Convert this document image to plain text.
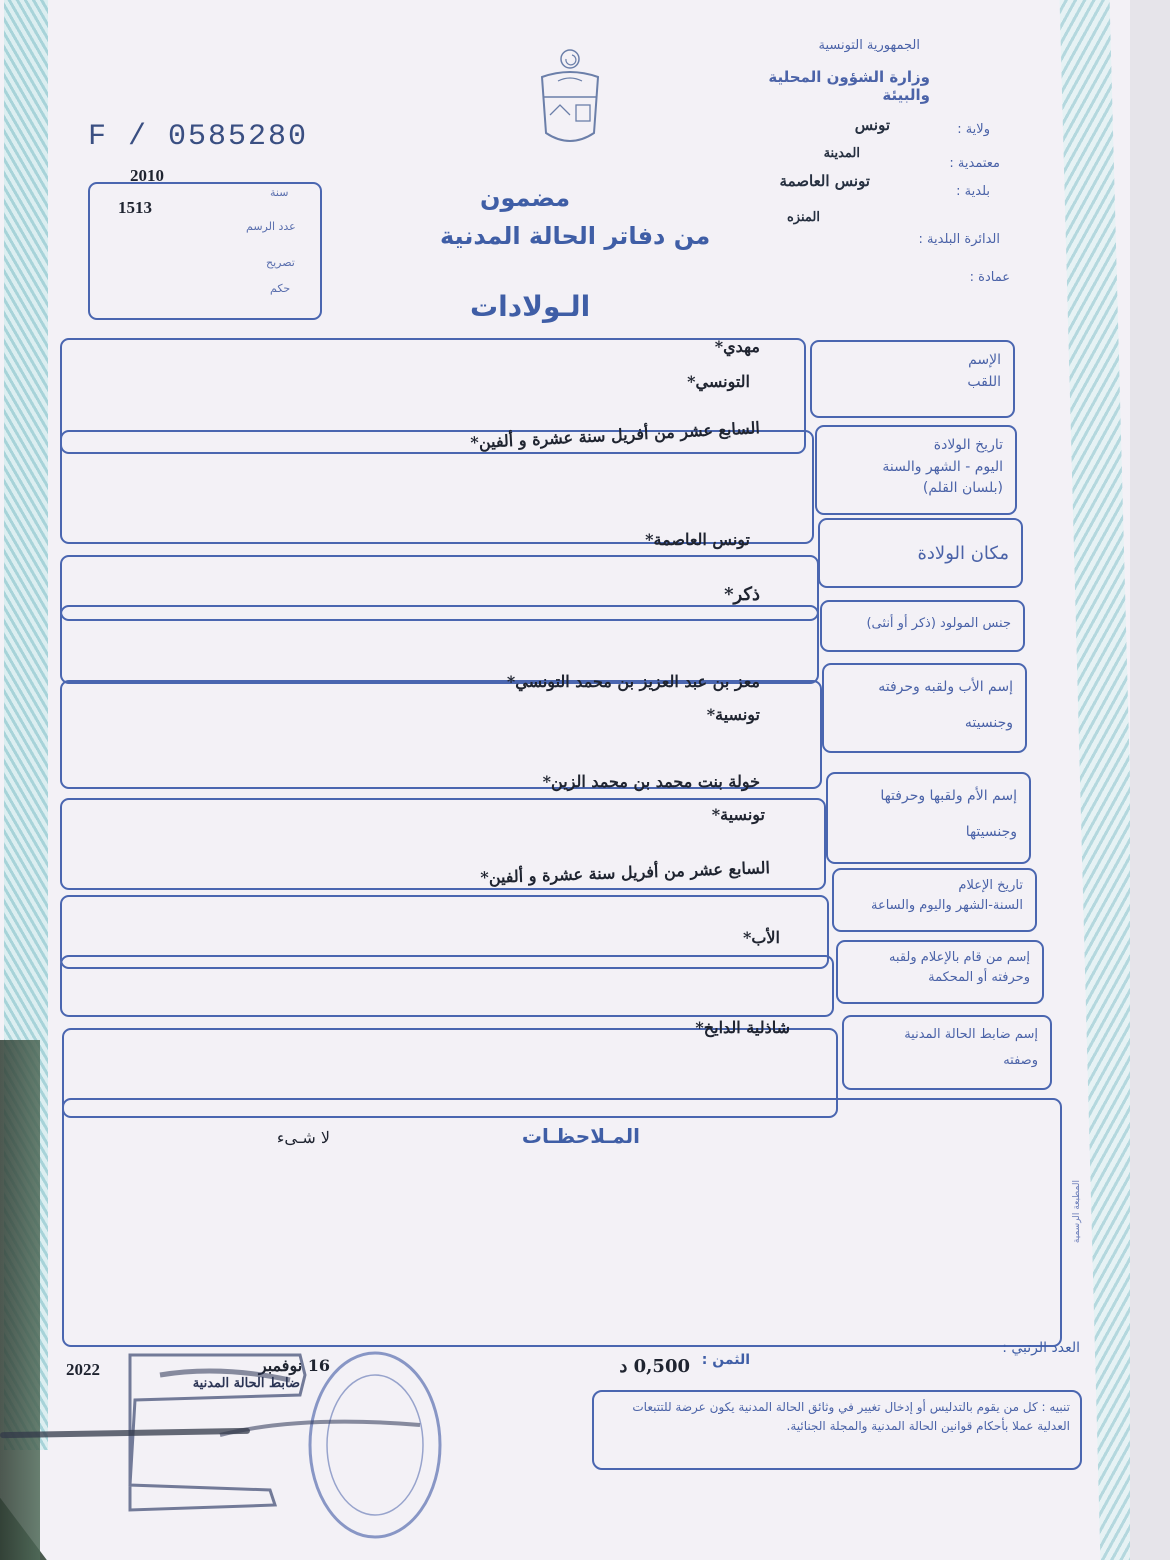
F / 0585280
2010
1513
سنة
عدد الرسم
تصريح
حكم
الجمهورية التونسية
وزارة الشؤون المحلية والبيئة
ولاية :
تونس
معتمدية :
المدينة
بلدية :
تونس العاصمة
الدائرة البلدية :
المنزه
عمادة :
مضمون
من دفاتر الحالة المدنية
الـولادات
الإسم
اللقب
مهدي*
التونسي*
تاريخ الولادة
اليوم - الشهر والسنة
(بلسان القلم)
السابع عشر من أفريل سنة عشرة و ألفين*
مكان الولادة
تونس العاصمة*
جنس المولود (ذكر أو أنثى)
ذكر*
إسم الأب ولقبه وحرفته
وجنسيته
معز بن عبد العزيز بن محمد التونسي*
تونسية*
إسم الأم ولقبها وحرفتها
وجنسيتها
خولة بنت محمد بن محمد الزين*
تونسية*
تاريخ الإعلام
السنة-الشهر واليوم والساعة
السابع عشر من أفريل سنة عشرة و ألفين*
إسم من قام بالإعلام ولقبه
وحرفته أو المحكمة
الأب*
إسم ضابط الحالة المدنية
وصفته
شاذلية الدايخ*
المـلاحظـات
لا شـىء
المطبعة الرسمية
العدد الرتبي :
الثمن :
0,500 د
16 نوفمبر
2022
ضابط الحالة المدنية
تنبيه : كل من يقوم بالتدليس أو إدخال تغيير في وثائق الحالة المدنية يكون عرضة للتتبعات العدلية عملا بأحكام قوانين الحالة المدنية والمجلة الجنائية.
